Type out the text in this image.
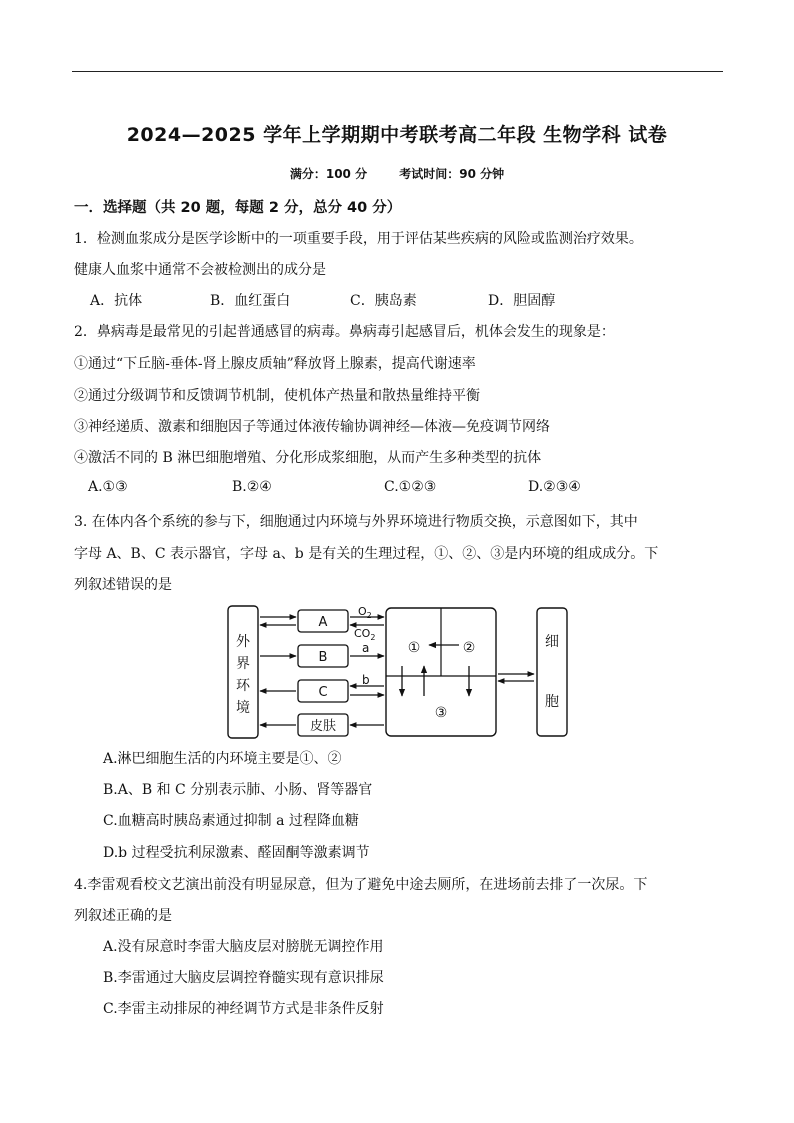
2024—2025 学年上学期期中考联考高二年段 生物学科 试卷
满分：100 分	考试时间：90 分钟
一．选择题（共 20 题，每题 2 分，总分 40 分）
1．检测血浆成分是医学诊断中的一项重要手段，用于评估某些疾病的风险或监测治疗效果。
健康人血浆中通常不会被检测出的成分是
A．抗体	B．血红蛋白	C．胰岛素	D．胆固醇
2．鼻病毒是最常见的引起普通感冒的病毒。鼻病毒引起感冒后，机体会发生的现象是：
①通过“下丘脑-垂体-肾上腺皮质轴”释放肾上腺素，提高代谢速率
②通过分级调节和反馈调节机制，使机体产热量和散热量维持平衡
③神经递质、激素和细胞因子等通过体液传输协调神经—体液—免疫调节网络
④激活不同的 B 淋巴细胞增殖、分化形成浆细胞，从而产生多种类型的抗体
A.①③	B.②④	C.①②③	D.②③④
3. 在体内各个系统的参与下，细胞通过内环境与外界环境进行物质交换，示意图如下，其中
字母 A、B、C 表示器官，字母 a、b 是有关的生理过程，①、②、③是内环境的组成成分。下
列叙述错误的是
外
界
环
境
A
B
C
皮肤
$O_2$
$CO_2$
a
b
①	②
③
细
胞
A.淋巴细胞生活的内环境主要是①、②
B.A、B 和 C 分别表示肺、小肠、肾等器官
C.血糖高时胰岛素通过抑制 a 过程降血糖
D.b 过程受抗利尿激素、醛固酮等激素调节
4.李雷观看校文艺演出前没有明显尿意，但为了避免中途去厕所，在进场前去排了一次尿。下
列叙述正确的是
A.没有尿意时李雷大脑皮层对膀胱无调控作用
B.李雷通过大脑皮层调控脊髓实现有意识排尿
C.李雷主动排尿的神经调节方式是非条件反射
